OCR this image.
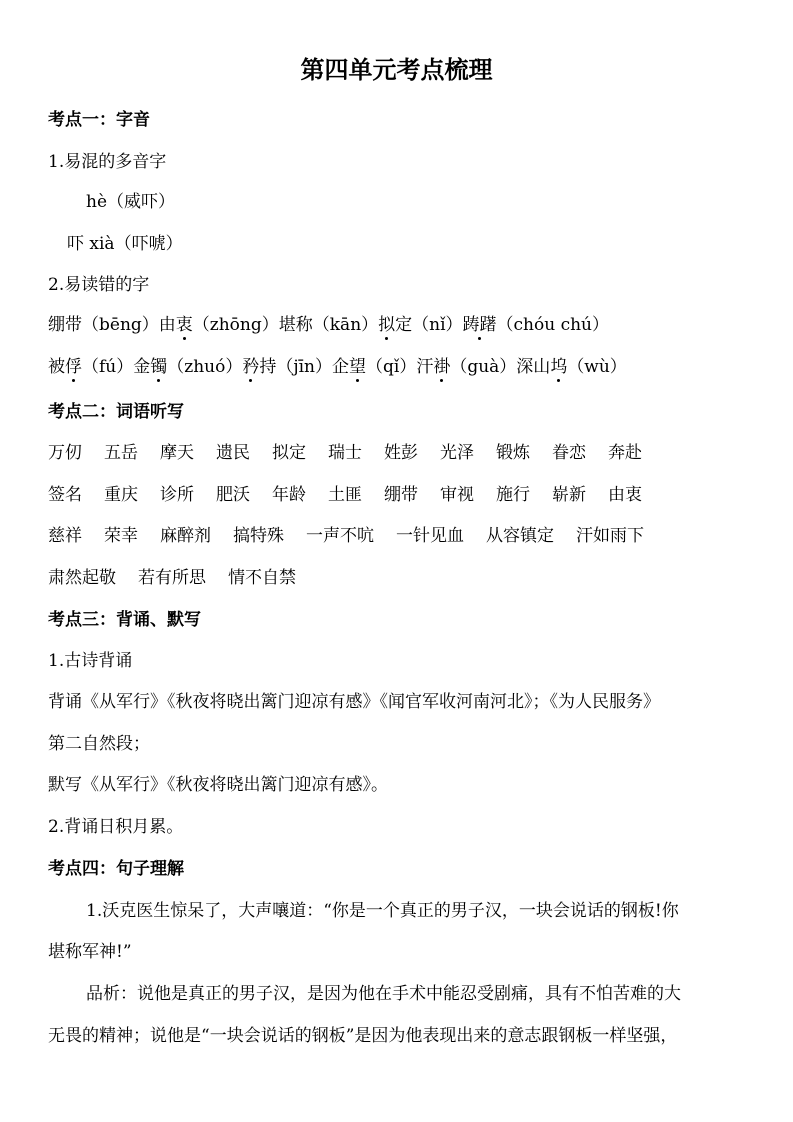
第四单元考点梳理
考点一：字音
1.易混的多音字
hè（威吓）
吓 xià（吓唬）
2.易读错的字
绷带（bēng）由衷（zhōng）堪称（kān）拟定（nǐ）踌躇（chóu chú）
被俘（fú）金镯（zhuó）矜持（jīn）企望（qǐ）汗褂（guà）深山坞（wù）
考点二：词语听写
万仞 五岳 摩天 遗民 拟定 瑞士 姓彭 光泽 锻炼 眷恋 奔赴
签名 重庆 诊所 肥沃 年龄 土匪 绷带 审视 施行 崭新 由衷
慈祥 荣幸 麻醉剂 搞特殊 一声不吭 一针见血 从容镇定 汗如雨下
肃然起敬 若有所思 情不自禁
考点三：背诵、默写
1.古诗背诵
背诵《从军行》《秋夜将晓出篱门迎凉有感》《闻官军收河南河北》；《为人民服务》
第二自然段；
默写《从军行》《秋夜将晓出篱门迎凉有感》。
2.背诵日积月累。
考点四：句子理解
1.沃克医生惊呆了，大声嚷道：“你是一个真正的男子汉，一块会说话的钢板!你
堪称军神!”
品析：说他是真正的男子汉，是因为他在手术中能忍受剧痛，具有不怕苦难的大
无畏的精神；说他是“一块会说话的钢板”是因为他表现出来的意志跟钢板一样坚强，
